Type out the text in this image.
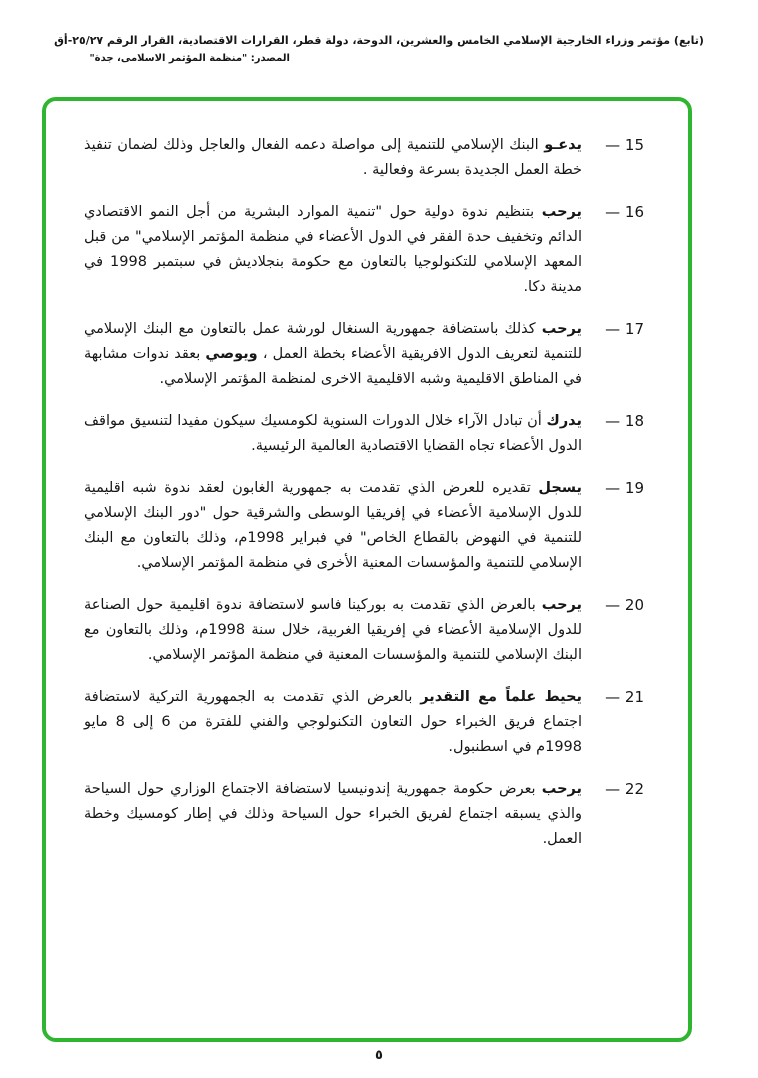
(تابع) مؤتمر وزراء الخارجية الإسلامي الخامس والعشرين، الدوحة، دولة قطر، القرارات الاقتصادية، القرار الرقم ٢٥/٢٧-أق
المصدر: "منظمة المؤتمر الاسلامى، جدة"
15 —
يدعـو البنك الإسلامي للتنمية إلى مواصلة دعمه الفعال والعاجل وذلك لضمان تنفيذ خطة العمل الجديدة بسرعة وفعالية .
16 —
يرحب بتنظيم ندوة دولية حول "تنمية الموارد البشرية من أجل النمو الاقتصادي الدائم وتخفيف حدة الفقر في الدول الأعضاء في منظمة المؤتمر الإسلامي" من قبل المعهد الإسلامي للتكنولوجيا بالتعاون مع حكومة بنجلاديش في سبتمبر 1998 في مدينة دكا.
17 —
يرحب كذلك باستضافة جمهورية السنغال لورشة عمل بالتعاون مع البنك الإسلامي للتنمية لتعريف الدول الافريقية الأعضاء بخطة العمل ، ويوصي بعقد ندوات مشابهة في المناطق الاقليمية وشبه الاقليمية الاخرى لمنظمة المؤتمر الإسلامي.
18 —
يدرك أن تبادل الآراء خلال الدورات السنوية لكومسيك سيكون مفيدا لتنسيق مواقف الدول الأعضاء تجاه القضايا الاقتصادية العالمية الرئيسية.
19 —
يسجل تقديره للعرض الذي تقدمت به جمهورية الغابون لعقد ندوة شبه اقليمية للدول الإسلامية الأعضاء في إفريقيا الوسطى والشرقية حول "دور البنك الإسلامي للتنمية في النهوض بالقطاع الخاص" في فبراير 1998م، وذلك بالتعاون مع البنك الإسلامي للتنمية والمؤسسات المعنية الأخرى في منظمة المؤتمر الإسلامي.
20 —
يرحب بالعرض الذي تقدمت به بوركينا فاسو لاستضافة ندوة اقليمية حول الصناعة للدول الإسلامية الأعضاء في إفريقيا الغربية، خلال سنة 1998م، وذلك بالتعاون مع البنك الإسلامي للتنمية والمؤسسات المعنية في منظمة المؤتمر الإسلامي.
21 —
يحيط علماً مع التقدير بالعرض الذي تقدمت به الجمهورية التركية لاستضافة اجتماع فريق الخبراء حول التعاون التكنولوجي والفني للفترة من 6 إلى 8 مايو 1998م في اسطنبول.
22 —
يرحب بعرض حكومة جمهورية إندونيسيا لاستضافة الاجتماع الوزاري حول السياحة والذي يسبقه اجتماع لفريق الخبراء حول السياحة وذلك في إطار كومسيك وخطة العمل.
٥
